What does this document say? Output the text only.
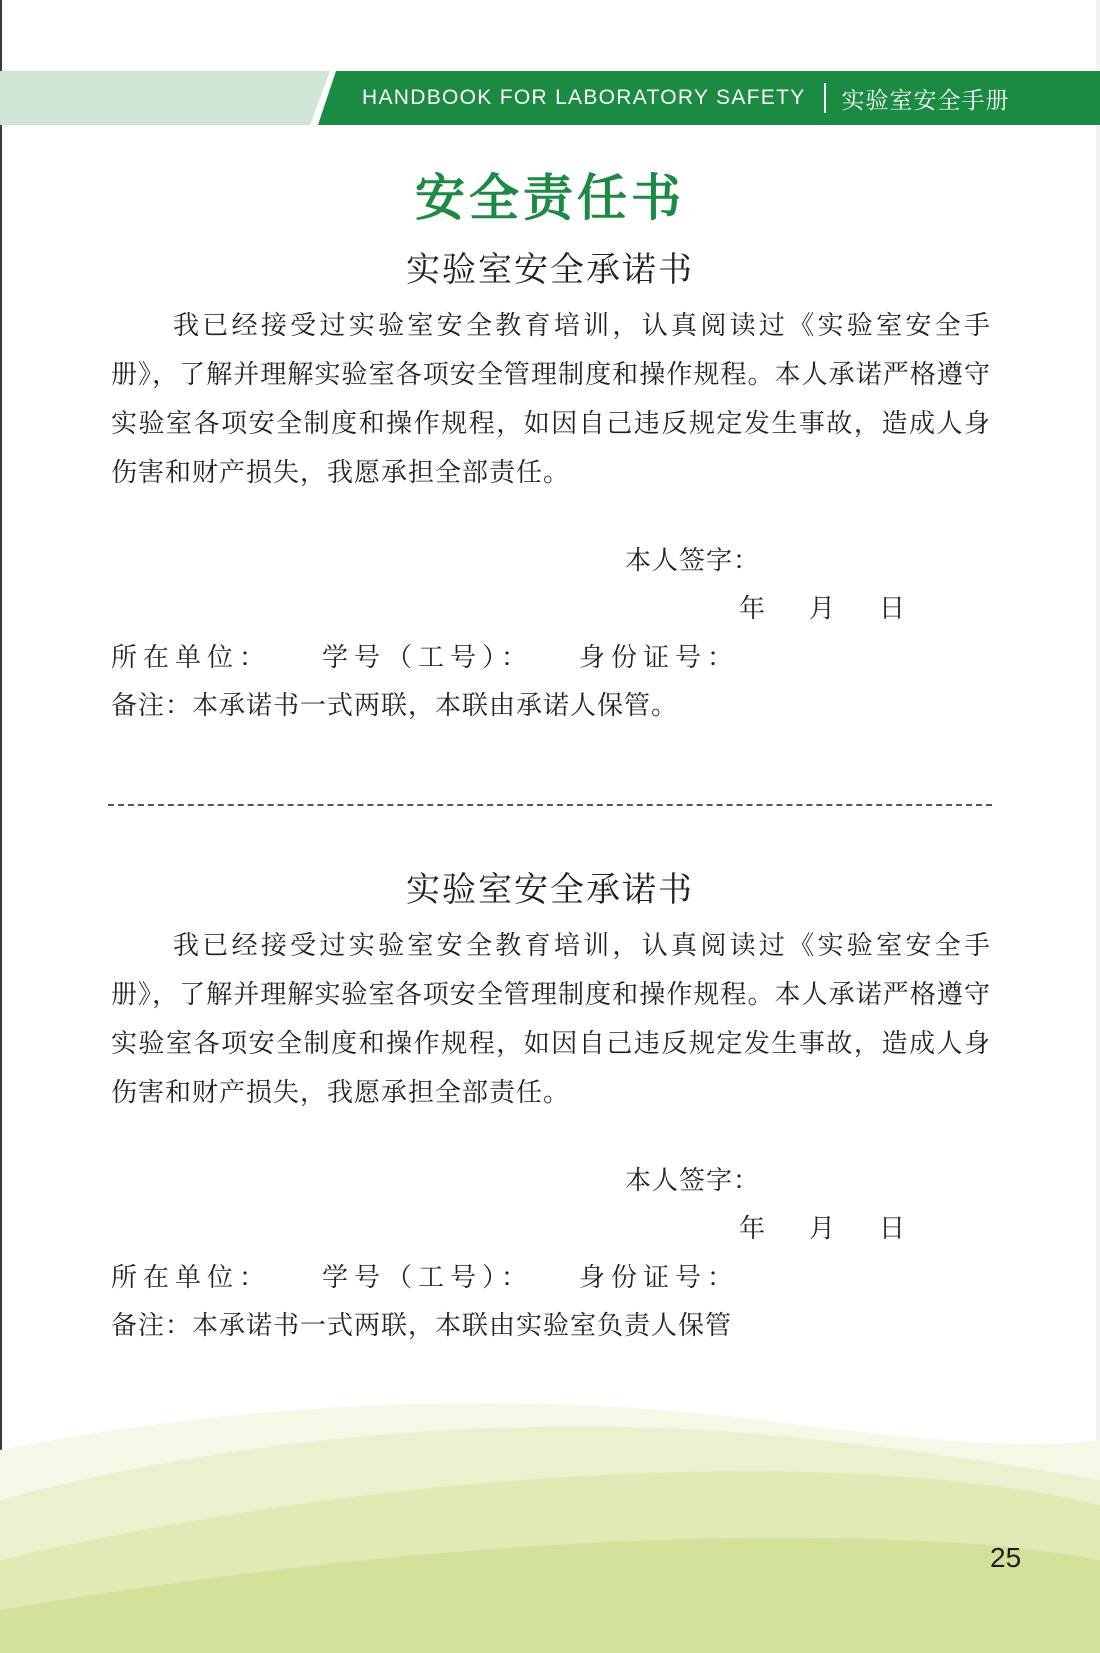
HANDBOOK FOR LABORATORY SAFETY 实验室安全手册
安全责任书
实验室安全承诺书
我已经接受过实验室安全教育培训，认真阅读过《实验室安全手册》，了解并理解实验室各项安全管理制度和操作规程。本人承诺严格遵守实验室各项安全制度和操作规程，如因自己违反规定发生事故，造成人身伤害和财产损失，我愿承担全部责任。
本人签字：
年 月 日
所在单位： 学号（工号）： 身份证号：
备注：本承诺书一式两联，本联由承诺人保管。
实验室安全承诺书
我已经接受过实验室安全教育培训，认真阅读过《实验室安全手册》，了解并理解实验室各项安全管理制度和操作规程。本人承诺严格遵守实验室各项安全制度和操作规程，如因自己违反规定发生事故，造成人身伤害和财产损失，我愿承担全部责任。
本人签字：
年 月 日
所在单位： 学号（工号）： 身份证号：
备注：本承诺书一式两联，本联由实验室负责人保管
25
